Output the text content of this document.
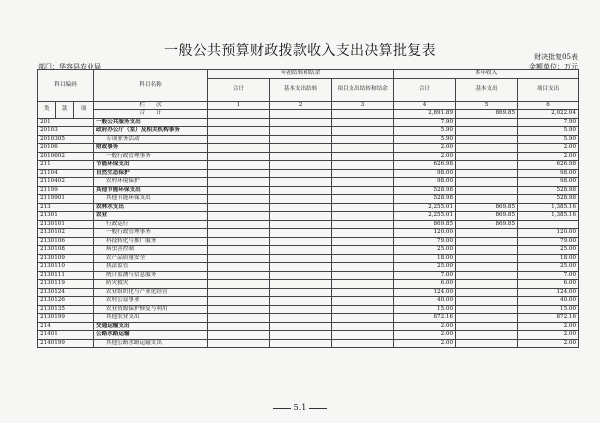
一般公共预算财政拨款收入支出决算批复表	财决批复05表
部门：华容县农业局	金额单位：万元
科目编码			科目名称	年初结转和结余			本年收入		
				合计	基本支出结转	项目支出结转和结余	合计	基本支出	项目支出

类	款	项	栏　　次	1	2	3	4	5	6
			合　　计				2,891.89	869.85	2,022.04
201			一般公共服务支出				7.90		7.90
20103			政府办公厅（室）及相关机构事务				5.90		5.90
2010305			专项业务活动				5.90		5.90
20106			财政事务				2.00		2.00
2010602			一般行政管理事务				2.00		2.00
211			节能环保支出				626.98		626.98
21104			自然生态保护				98.00		98.00
2110402			农村环境保护				98.00		98.00
21199			其他节能环保支出				528.98		528.98
2119901			其他节能环保支出				528.98		528.98
213			农林水支出				2,255.01	869.85	1,385.16
21301			农业				2,255.01	869.85	1,385.16
2130101			行政运行				869.85	869.85	
2130102			一般行政管理事务				120.00		120.00
2130106			科技转化与推广服务				79.00		79.00
2130108			病虫害控制				25.00		25.00
2130109			农产品质量安全				18.00		18.00
2130110			执法监管				25.00		25.00
2130111			统计监测与信息服务				7.00		7.00
2130119			防灾救灾				6.00		6.00
2130124			农业组织化与产业化经营				124.00		124.00
2130126			农村公益事业				40.00		40.00
2130135			农业资源保护修复与利用				15.00		15.00
2130199			其他农业支出				872.16		872.16
214			交通运输支出				2.00		2.00
21401			公路水路运输				2.00		2.00
2140199			其他公路水路运输支出				2.00		2.00
5.1
